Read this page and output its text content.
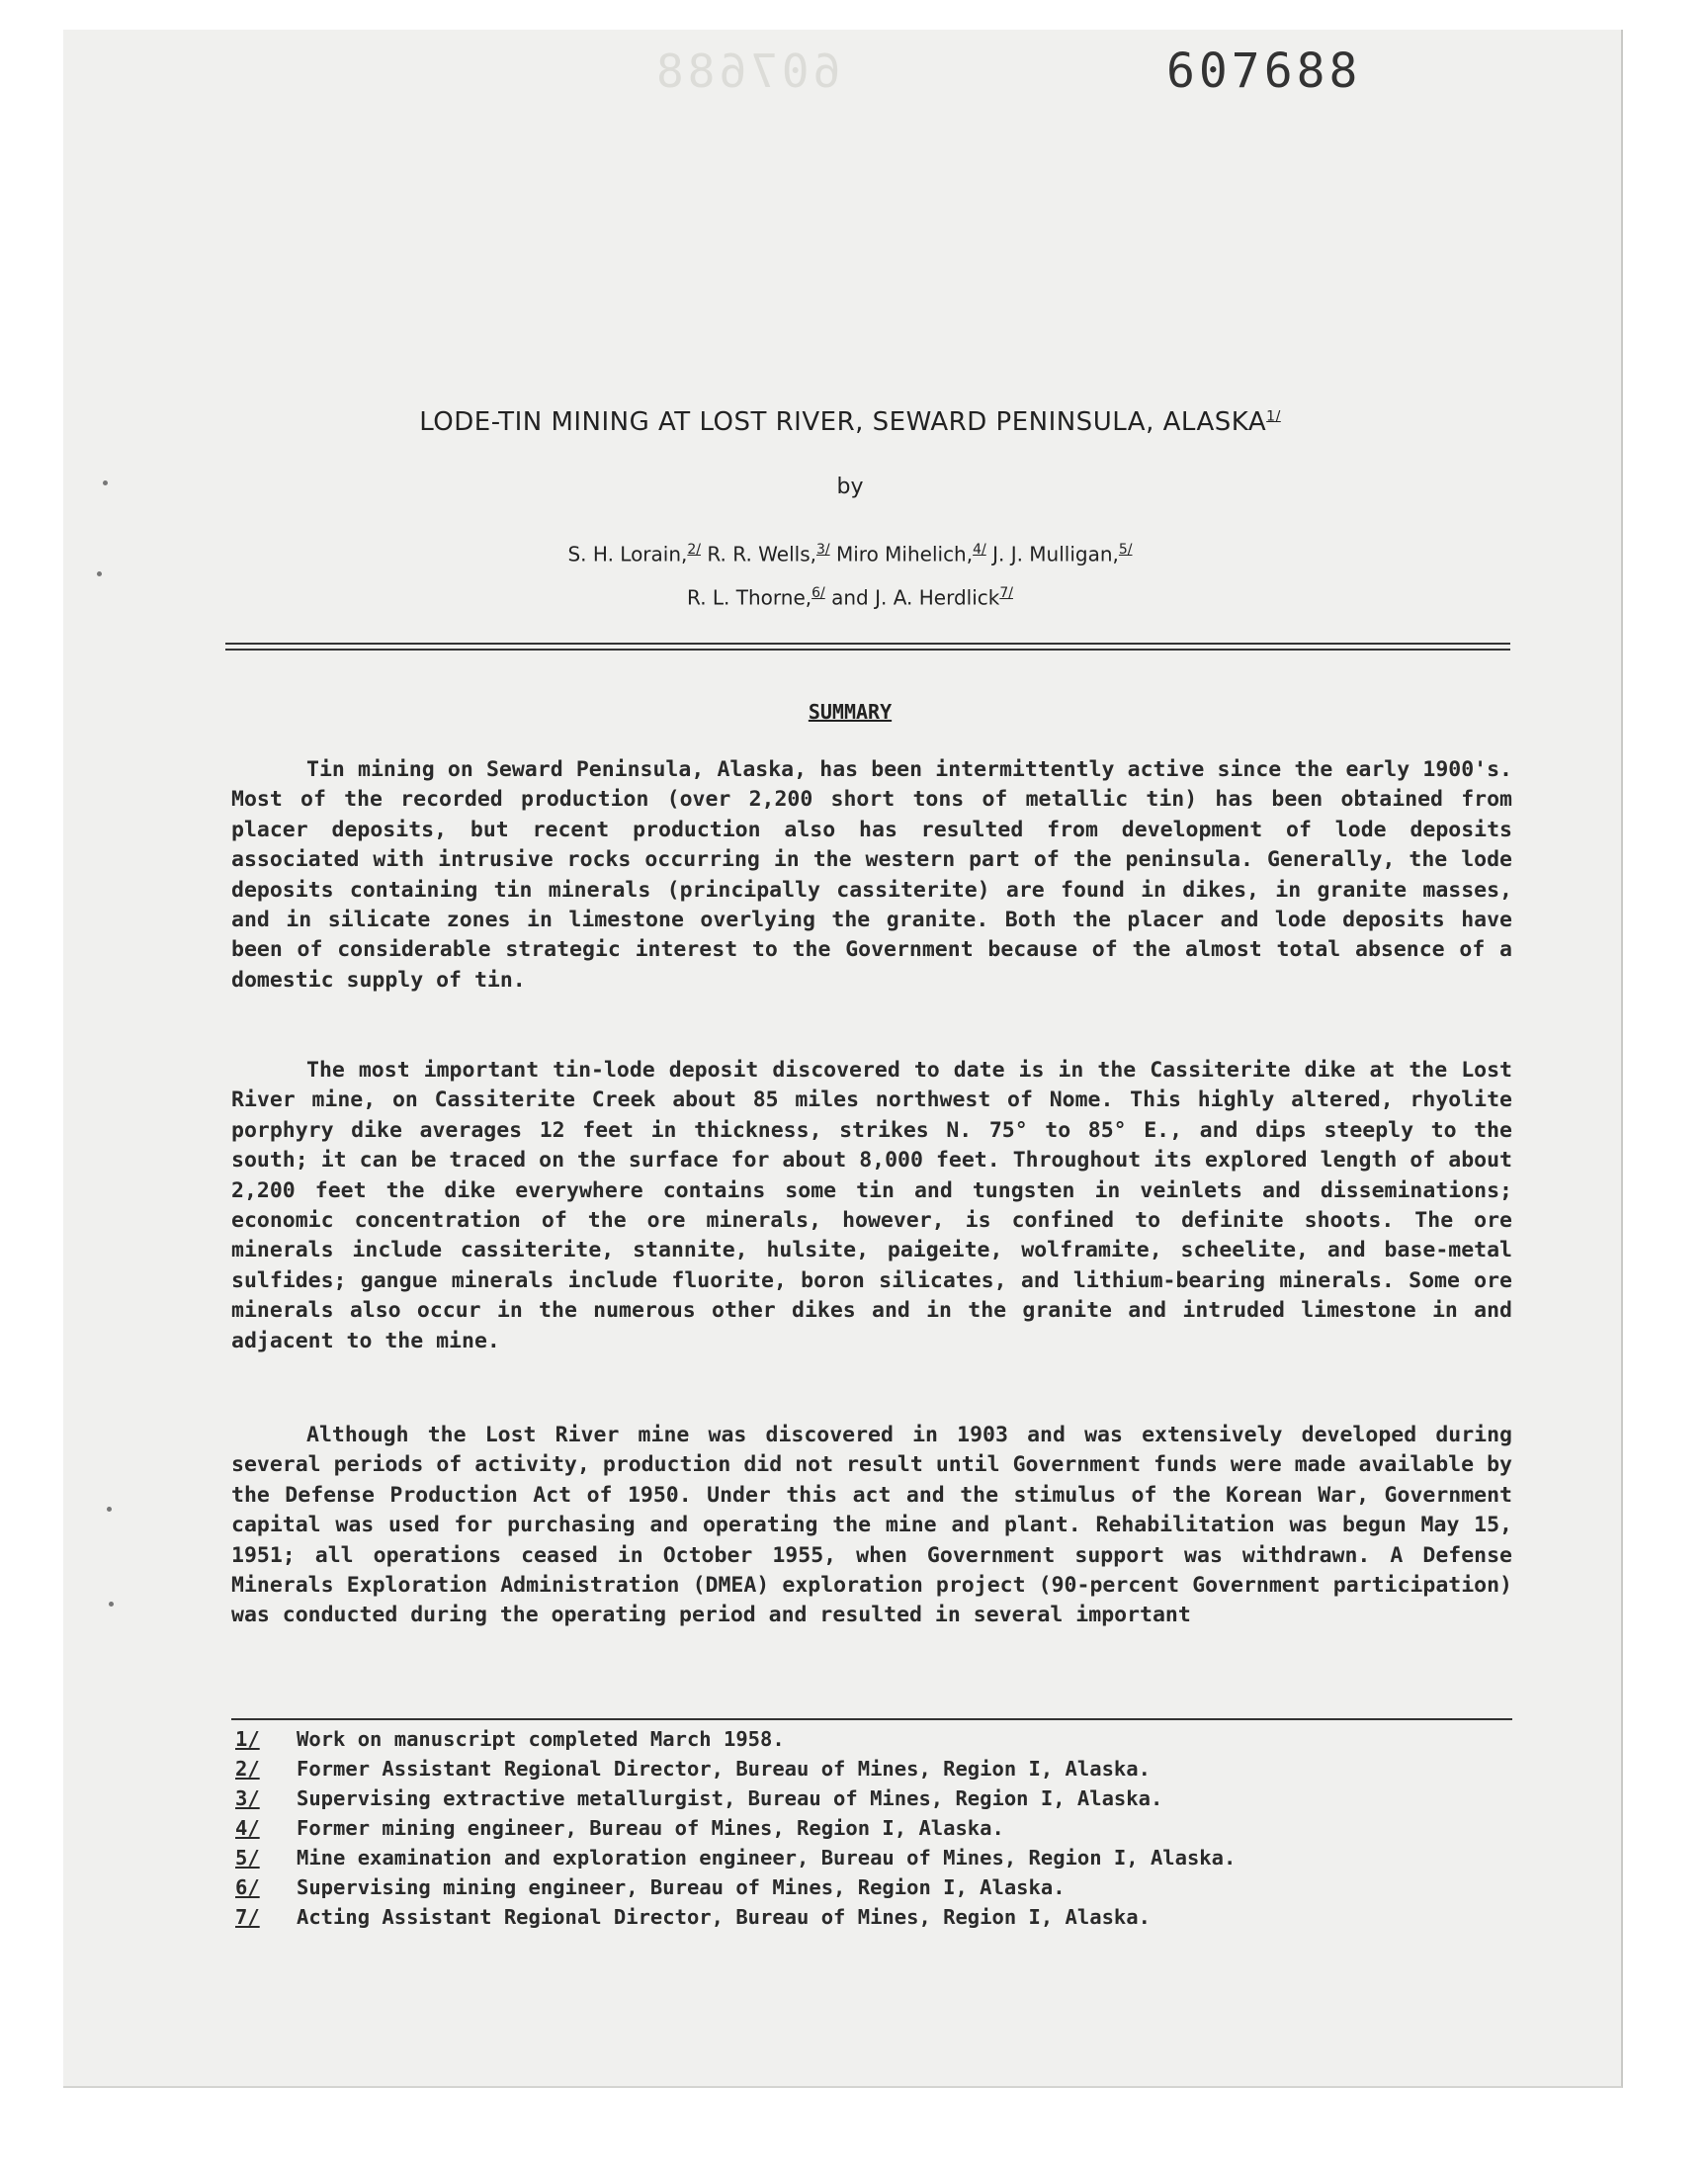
607688	607688
LODE-TIN MINING AT LOST RIVER, SEWARD PENINSULA, $ALASKA^{1/}$
by
S. H. Lorain,$^{2/}$ R. R. Wells,$^{3/}$ Miro Mihelich,$^{4/}$ J. J. Mulligan,$^{5/}$
R. L. Thorne,$^{6/}$ and J. A. Herdlick$^{7/}$
SUMMARY

Tin mining on Seward Peninsula, Alaska, has been intermittently active since the early 1900's. Most of the recorded production (over 2,200 short tons of metallic tin) has been obtained from placer deposits, but recent production also has resulted from development of lode deposits associated with intrusive rocks occurring in the western part of the peninsula. Generally, the lode deposits containing tin minerals (principally cassiterite) are found in dikes, in granite masses, and in silicate zones in limestone overlying the granite. Both the placer and lode deposits have been of considerable strategic interest to the Government because of the almost total absence of a domestic supply of tin.

The most important tin-lode deposit discovered to date is in the Cassiterite dike at the Lost River mine, on Cassiterite Creek about 85 miles northwest of Nome. This highly altered, rhyolite porphyry dike averages 12 feet in thickness, strikes N. 75° to 85° E., and dips steeply to the south; it can be traced on the surface for about 8,000 feet. Throughout its explored length of about 2,200 feet the dike everywhere contains some tin and tungsten in veinlets and disseminations; economic concentration of the ore minerals, however, is confined to definite shoots. The ore minerals include cassiterite, stannite, hulsite, paigeite, wolframite, scheelite, and base-metal sulfides; gangue minerals include fluorite, boron silicates, and lithium-bearing minerals. Some ore minerals also occur in the numerous other dikes and in the granite and intruded limestone in and adjacent to the mine.

Although the Lost River mine was discovered in 1903 and was extensively developed during several periods of activity, production did not result until Government funds were made available by the Defense Production Act of 1950. Under this act and the stimulus of the Korean War, Government capital was used for purchasing and operating the mine and plant. Rehabilitation was begun May 15, 1951; all operations ceased in October 1955, when Government support was withdrawn. A Defense Minerals Exploration Administration (DMEA) exploration project (90-percent Government participation) was conducted during the operating period and resulted in several important

1/	Work on manuscript completed March 1958.
2/	Former Assistant Regional Director, Bureau of Mines, Region I, Alaska.
3/	Supervising extractive metallurgist, Bureau of Mines, Region I, Alaska.
4/	Former mining engineer, Bureau of Mines, Region I, Alaska.
5/	Mine examination and exploration engineer, Bureau of Mines, Region I, Alaska.
6/	Supervising mining engineer, Bureau of Mines, Region I, Alaska.
7/	Acting Assistant Regional Director, Bureau of Mines, Region I, Alaska.
